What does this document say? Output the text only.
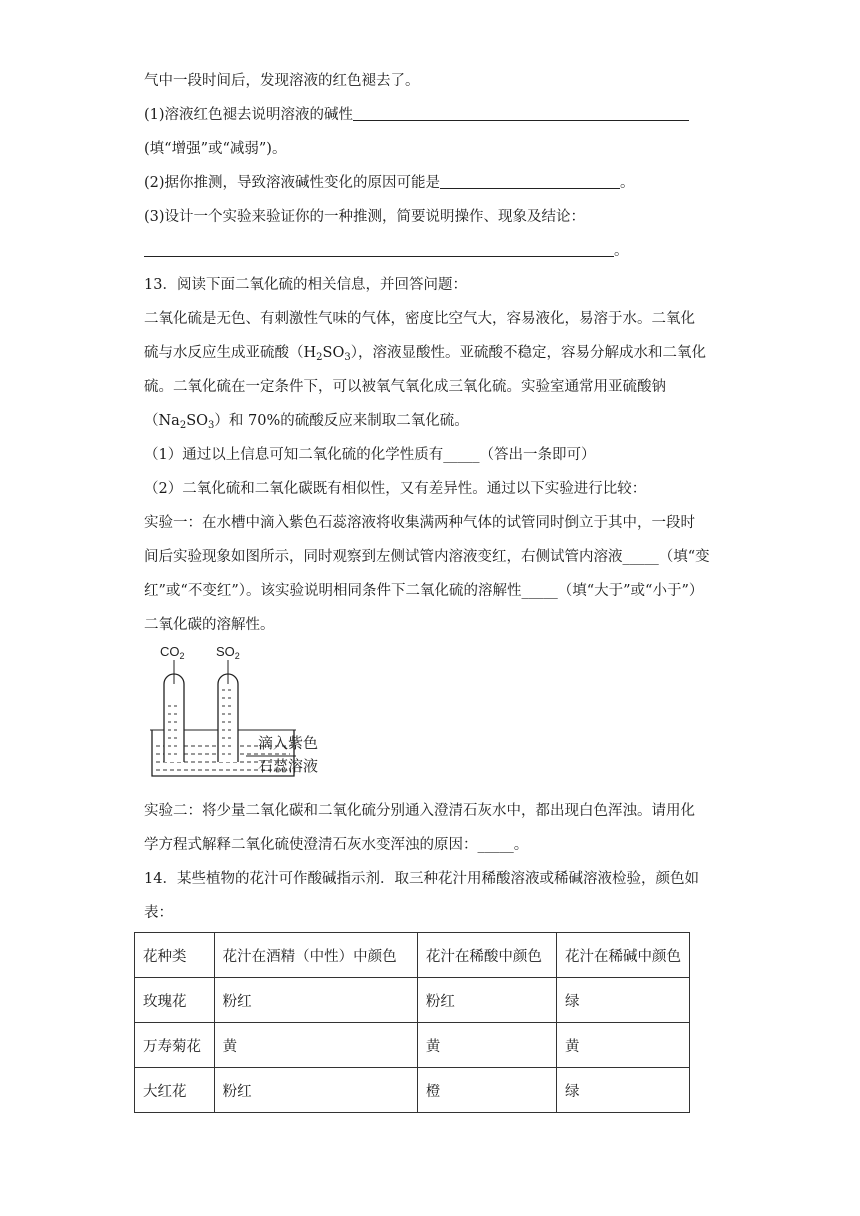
气中一段时间后，发现溶液的红色褪去了。
(1)溶液红色褪去说明溶液的碱性
(填“增强”或“减弱”)。
(2)据你推测，导致溶液碱性变化的原因可能是	。
(3)设计一个实验来验证你的一种推测，简要说明操作、现象及结论：
。
13．阅读下面二氧化硫的相关信息，并回答问题：
二氧化硫是无色、有刺激性气味的气体，密度比空气大，容易液化，易溶于水。二氧化
硫与水反应生成亚硫酸$(H_2SO_3)$，溶液显酸性。亚硫酸不稳定，容易分解成水和二氧化
硫。二氧化硫在一定条件下，可以被氧气氧化成三氧化硫。实验室通常用亚硫酸钠
$(Na_2SO_3)$和 70%的硫酸反应来制取二氧化硫。
（1）通过以上信息可知二氧化硫的化学性质有_____（答出一条即可）
（2）二氧化硫和二氧化碳既有相似性，又有差异性。通过以下实验进行比较：
实验一：在水槽中滴入紫色石蕊溶液将收集满两种气体的试管同时倒立于其中，一段时
间后实验现象如图所示，同时观察到左侧试管内溶液变红，右侧试管内溶液_____（填“变
红”或“不变红”）。该实验说明相同条件下二氧化硫的溶解性_____（填“大于”或“小于”）
二氧化碳的溶解性。
$CO_2$ $SO_2$
滴入紫色
石蕊溶液
实验二：将少量二氧化碳和二氧化硫分别通入澄清石灰水中，都出现白色浑浊。请用化
学方程式解释二氧化硫使澄清石灰水变浑浊的原因：_____。
14．某些植物的花汁可作酸碱指示剂．取三种花汁用稀酸溶液或稀碱溶液检验，颜色如
表：
花种类	花汁在酒精（中性）中颜色	花汁在稀酸中颜色	花汁在稀碱中颜色
玫瑰花	粉红	粉红	绿
万寿菊花	黄	黄	黄
大红花	粉红	橙	绿
